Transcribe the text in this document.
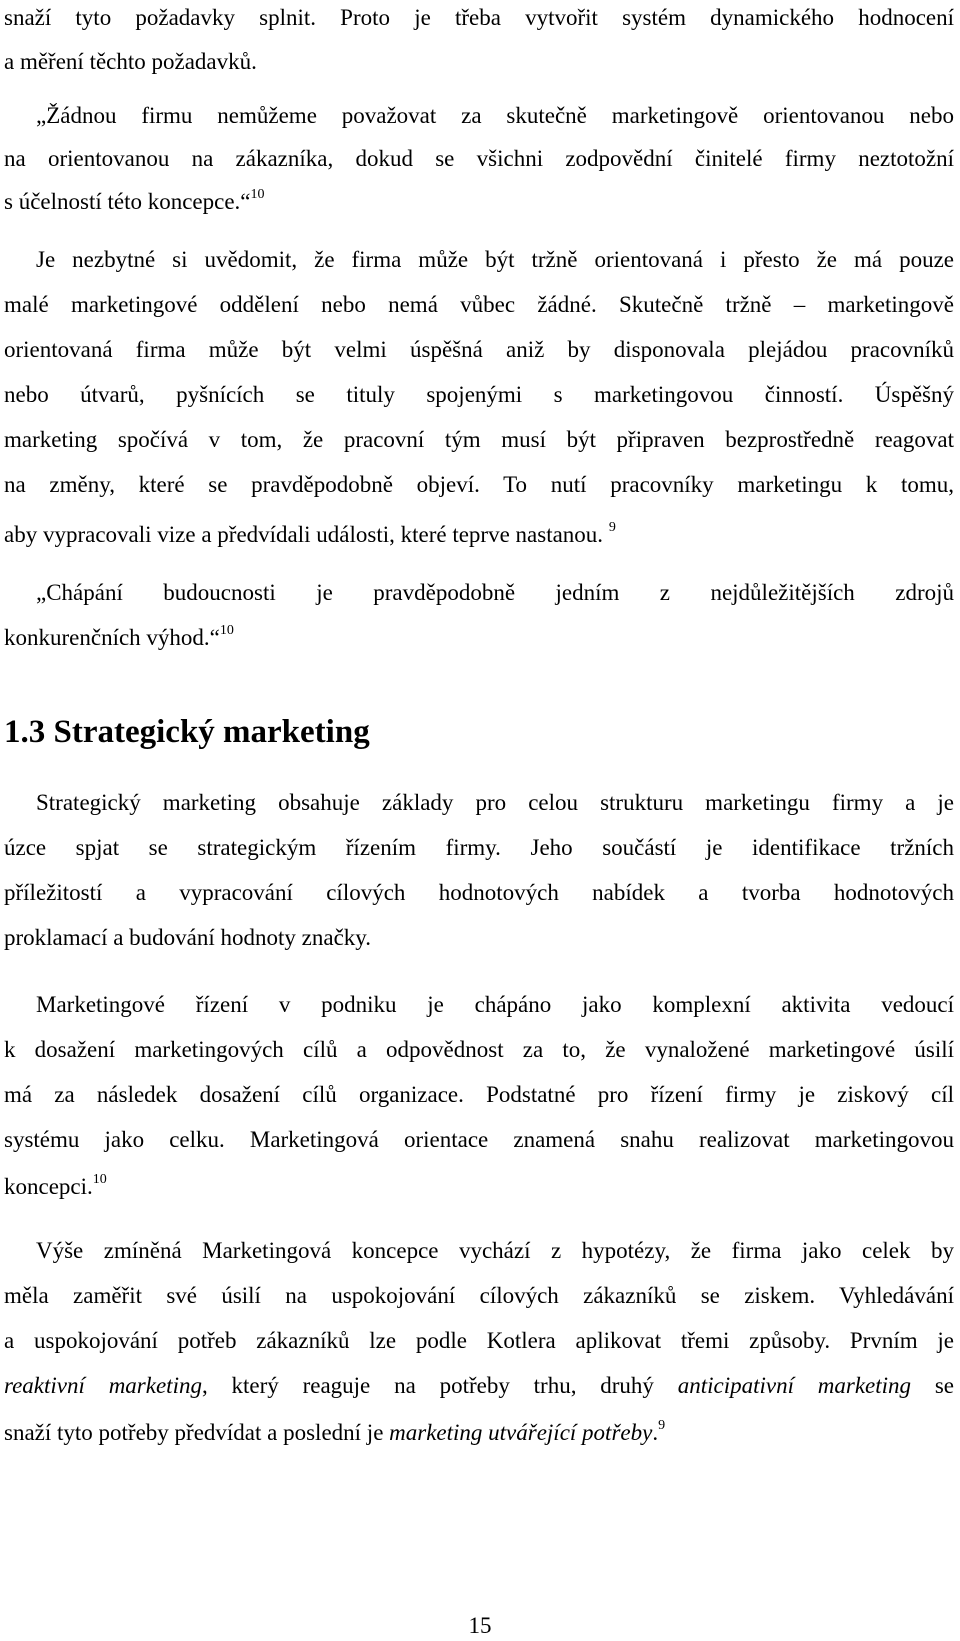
snaží tyto požadavky splnit. Proto je třeba vytvořit systém dynamického hodnocení
a měření těchto požadavků.
„Žádnou firmu nemůžeme považovat za skutečně marketingově orientovanou nebo
na orientovanou na zákazníka, dokud se všichni zodpovědní činitelé firmy neztotožní
s účelností této koncepce.“$^{10}$
Je nezbytné si uvědomit, že firma může být tržně orientovaná i přesto že má pouze
malé marketingové oddělení nebo nemá vůbec žádné. Skutečně tržně – marketingově
orientovaná firma může být velmi úspěšná aniž by disponovala plejádou pracovníků
nebo útvarů, pyšnících se tituly spojenými s marketingovou činností. Úspěšný
marketing spočívá v tom, že pracovní tým musí být připraven bezprostředně reagovat
na změny, které se pravděpodobně objeví. To nutí pracovníky marketingu k tomu,
aby vypracovali vize a předvídali události, které teprve nastanou. $^9$
„Chápání budoucnosti je pravděpodobně jedním z nejdůležitějších zdrojů
konkurenčních výhod.“$^{10}$
1.3 Strategický marketing
Strategický marketing obsahuje základy pro celou strukturu marketingu firmy a je
úzce spjat se strategickým řízením firmy. Jeho součástí je identifikace tržních
příležitostí a vypracování cílových hodnotových nabídek a tvorba hodnotových
proklamací a budování hodnoty značky.
Marketingové řízení v podniku je chápáno jako komplexní aktivita vedoucí
k dosažení marketingových cílů a odpovědnost za to, že vynaložené marketingové úsilí
má za následek dosažení cílů organizace. Podstatné pro řízení firmy je ziskový cíl
systému jako celku. Marketingová orientace znamená snahu realizovat marketingovou
koncepci.$^{10}$
Výše zmíněná Marketingová koncepce vychází z hypotézy, že firma jako celek by
měla zaměřit své úsilí na uspokojování cílových zákazníků se ziskem. Vyhledávání
a uspokojování potřeb zákazníků lze podle Kotlera aplikovat třemi způsoby. Prvním je
reaktivní marketing, který reaguje na potřeby trhu, druhý anticipativní marketing se
snaží tyto potřeby předvídat a poslední je marketing utvářející potřeby.$^9$
15
